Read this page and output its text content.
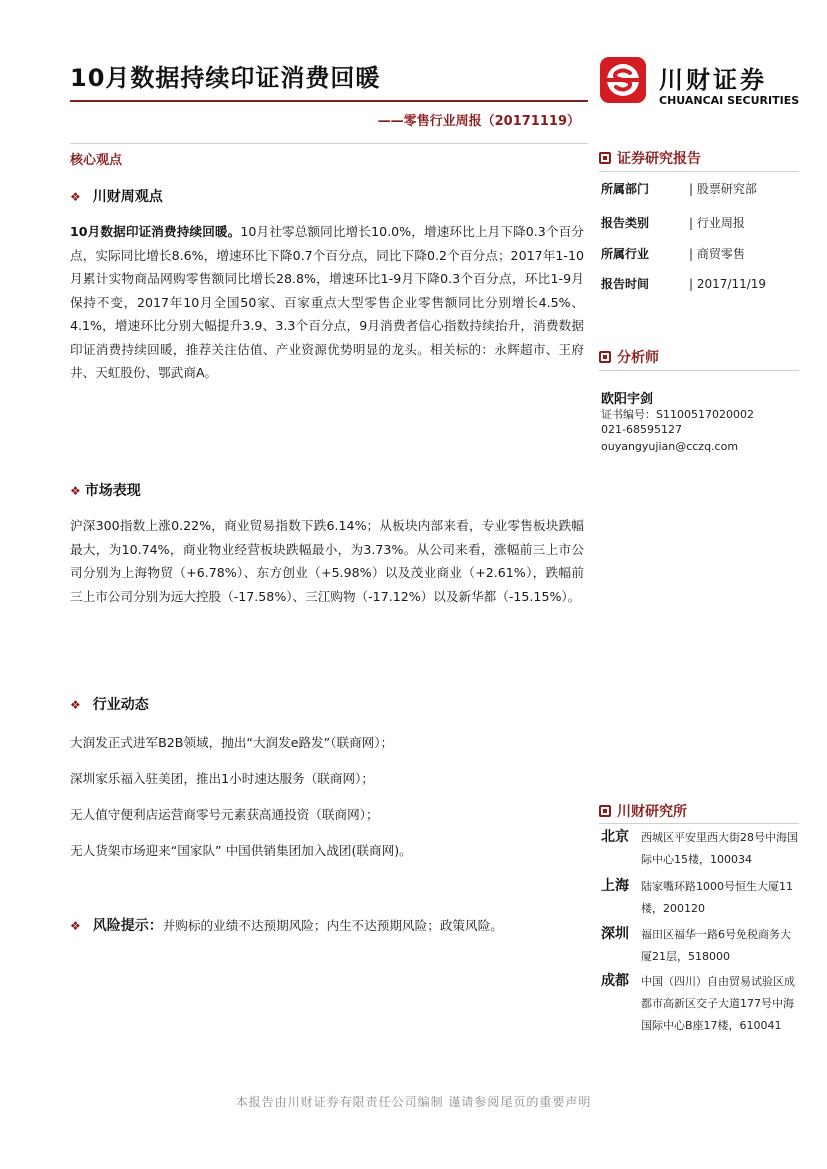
10月数据持续印证消费回暖
——零售行业周报（20171119）
川财证券
CHUANCAI SECURITIES
核心观点
❖ 川财周观点
10月数据印证消费持续回暖。10月社零总额同比增长10.0%，增速环比上月下降0.3个百分点，实际同比增长8.6%，增速环比下降0.7个百分点，同比下降0.2个百分点；2017年1-10月累计实物商品网购零售额同比增长28.8%，增速环比1-9月下降0.3个百分点，环比1-9月保持不变，2017年10月全国50家、百家重点大型零售企业零售额同比分别增长4.5%、4.1%，增速环比分别大幅提升3.9、3.3个百分点，9月消费者信心指数持续抬升，消费数据印证消费持续回暖，推荐关注估值、产业资源优势明显的龙头。相关标的：永辉超市、王府井、天虹股份、鄂武商A。
❖ 市场表现
沪深300指数上涨0.22%，商业贸易指数下跌6.14%；从板块内部来看，专业零售板块跌幅最大，为10.74%，商业物业经营板块跌幅最小，为3.73%。从公司来看，涨幅前三上市公司分别为上海物贸（+6.78%）、东方创业（+5.98%）以及茂业商业（+2.61%），跌幅前三上市公司分别为远大控股（-17.58%）、三江购物（-17.12%）以及新华都（-15.15%）。
❖ 行业动态
大润发正式进军B2B领域，抛出“大润发e路发”（联商网）；
深圳家乐福入驻美团，推出1小时速达服务（联商网）；
无人值守便利店运营商零号元素获高通投资（联商网）；
无人货架市场迎来“国家队” 中国供销集团加入战团(联商网)。
❖ 风险提示：并购标的业绩不达预期风险；内生不达预期风险；政策风险。
证券研究报告
所属部门	| 股票研究部
报告类别	| 行业周报
所属行业	| 商贸零售
报告时间	| 2017/11/19
分析师
欧阳宇剑
证书编号：S1100517020002
021-68595127
ouyangyujian@cczq.com
川财研究所
北京 西城区平安里西大街28号中海国际中心15楼，100034
上海 陆家嘴环路1000号恒生大厦11楼，200120
深圳 福田区福华一路6号免税商务大厦21层，518000
成都 中国（四川）自由贸易试验区成都市高新区交子大道177号中海国际中心B座17楼，610041
本报告由川财证券有限责任公司编制 谨请参阅尾页的重要声明
